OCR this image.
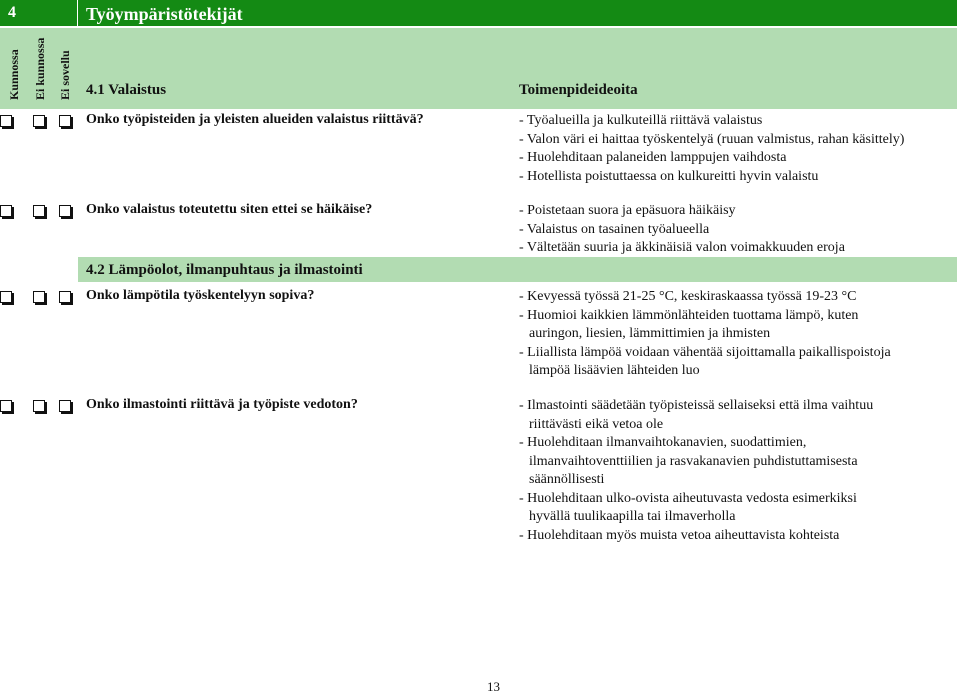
4	Työympäristötekijät
Kunnossa Ei kunnossa Ei sovellu 4.1 Valaistus	Toimenpideideoita
Onko työpisteiden ja yleisten alueiden valaistus riittävä?	- Työalueilla ja kulkuteillä riittävä valaistus
- Valon väri ei haittaa työskentelyä (ruuan valmistus, rahan käsittely)
- Huolehditaan palaneiden lamppujen vaihdosta
- Hotellista poistuttaessa on kulkureitti hyvin valaistu
Onko valaistus toteutettu siten ettei se häikäise?	- Poistetaan suora ja epäsuora häikäisy
- Valaistus on tasainen työalueella
- Vältetään suuria ja äkkinäisiä valon voimakkuuden eroja
4.2 Lämpöolot, ilmanpuhtaus ja ilmastointi
Onko lämpötila työskentelyyn sopiva?	- Kevyessä työssä 21-25 °C, keskiraskaassa työssä 19-23 °C
- Huomioi kaikkien lämmönlähteiden tuottama lämpö, kuten
auringon, liesien, lämmittimien ja ihmisten
- Liiallista lämpöä voidaan vähentää sijoittamalla paikallispoistoja
lämpöä lisäävien lähteiden luo
Onko ilmastointi riittävä ja työpiste vedoton?	- Ilmastointi säädetään työpisteissä sellaiseksi että ilma vaihtuu
riittävästi eikä vetoa ole
- Huolehditaan ilmanvaihtokanavien, suodattimien,
ilmanvaihtoventtiilien ja rasvakanavien puhdistuttamisesta
säännöllisesti
- Huolehditaan ulko-ovista aiheutuvasta vedosta esimerkiksi
hyvällä tuulikaapilla tai ilmaverholla
- Huolehditaan myös muista vetoa aiheuttavista kohteista
13
